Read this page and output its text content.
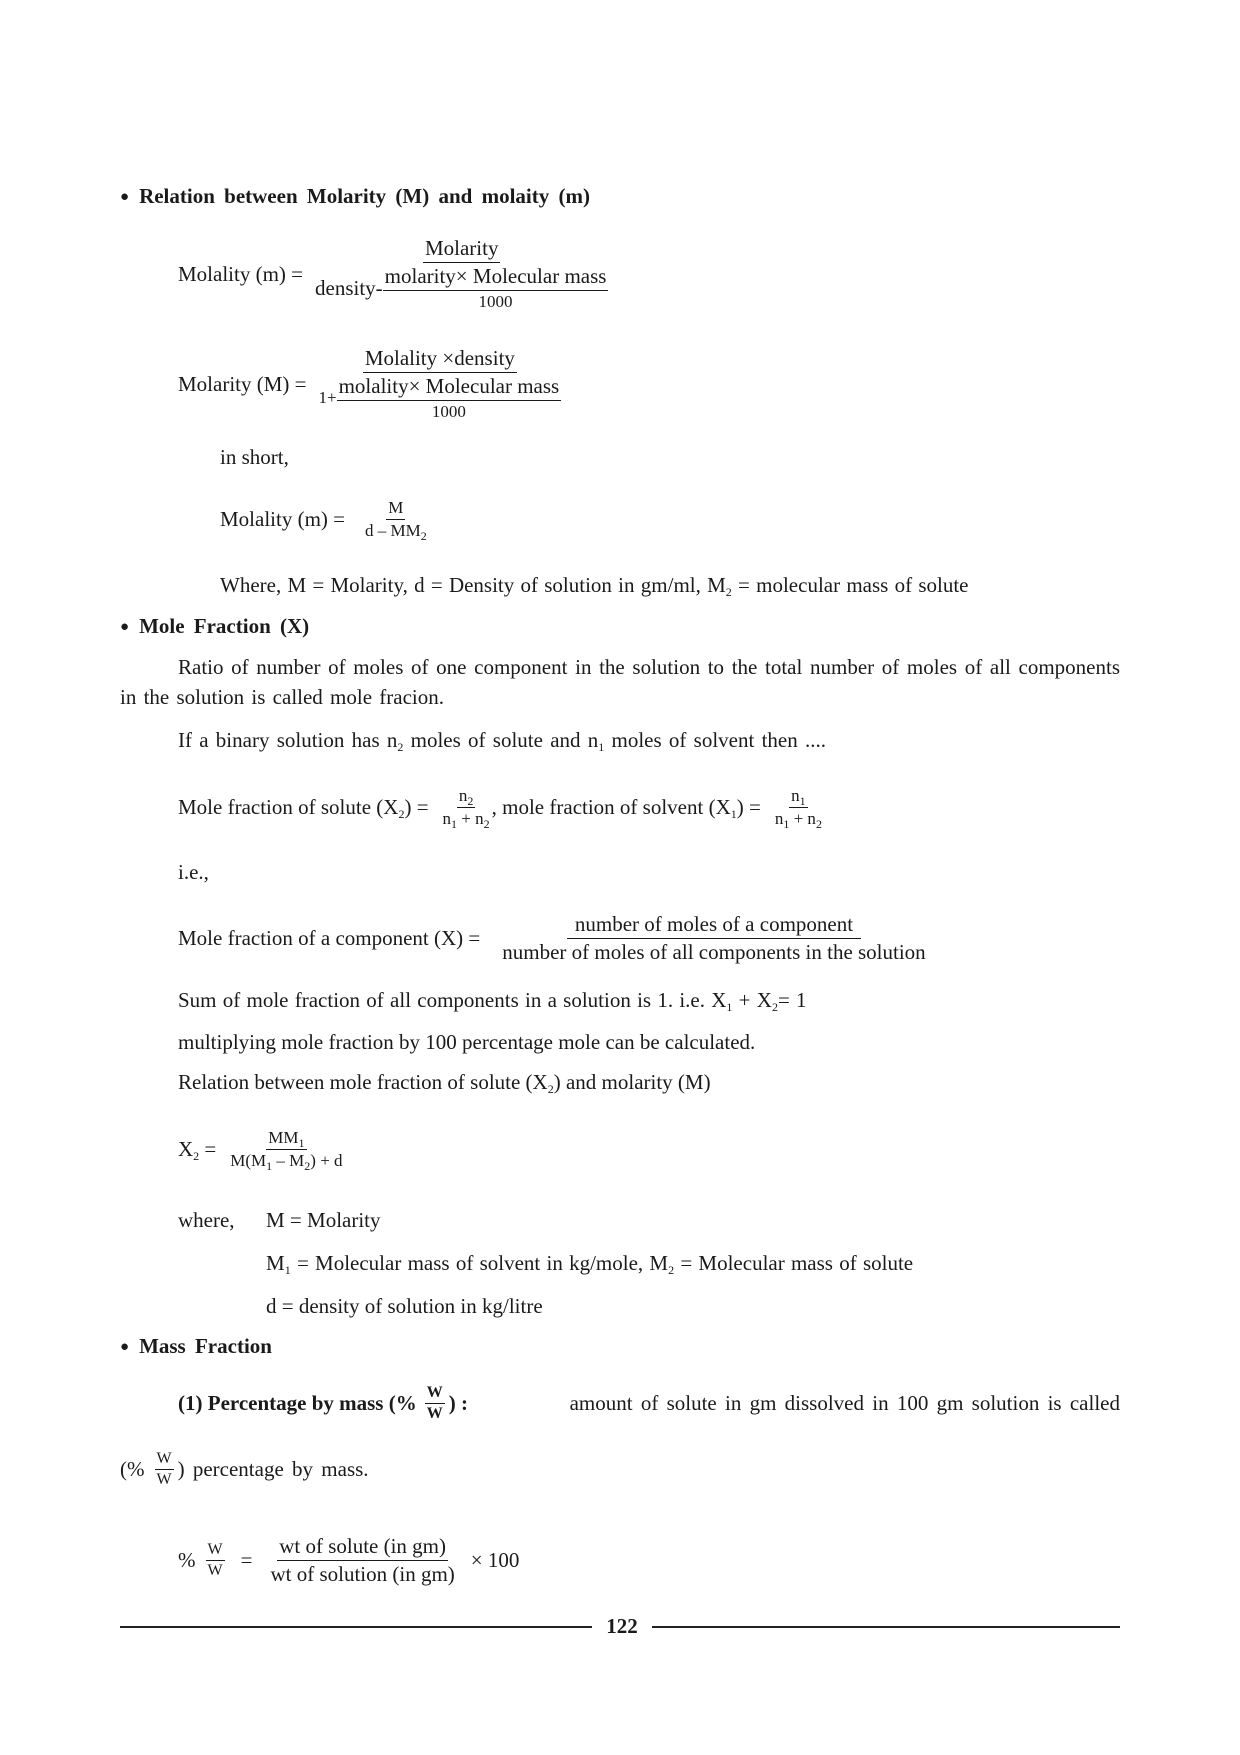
● Relation between Molarity (M) and molaity (m)
Molality (m) =
Molarity
density- $\frac{\text{molarity× Molecular mass}}{1000}$
Molarity $(M) = \frac{\text{Molality ×density}}{1+ \frac{\text{molality× Molecular mass}}{1000}}$
in short,
Molality $(m) = \frac{M}{d - MM_2}$
Where, M = Molarity, d = Density of solution in gm/ml, $M_2$ = molecular mass of solute
● Mole Fraction (X)
Ratio of number of moles of one component in the solution to the total number of moles of all components in the solution is called mole fracion.
If a binary solution has $n_2$ moles of solute and $n_1$ moles of solvent then ....
Mole fraction of solute $(X_2) = \frac{n_2}{n_1 + n_2}$ , mole fraction of solvent $(X_1) = \frac{n_1}{n_1 + n_2}$
i.e.,
Mole fraction of a component $(X) = \frac{\text{number of moles of a component}}{\text{number of moles of all components in the solution}}$
Sum of mole fraction of all components in a solution is 1. i.e. $X_1 + X_2= 1$
multiplying mole fraction by 100 percentage mole can be calculated.
Relation between mole fraction of solute $(X_2)$ and molarity (M)
$X_2 = \frac{MM_1}{M(M_1 - M_2) + d}$
where, M = Molarity
$M_1$ = Molecular mass of solvent in kg/mole, $M_2$ = Molecular mass of solute
d = density of solution in kg/litre
● Mass Fraction
(1) Percentage by mass (% $\frac{W}{W}$ ) :	amount of solute in gm dissolved in 100 gm solution is called
(% $\frac{W}{W}$ ) percentage by mass.
% $\frac{W}{W} = \frac{\text{wt of solute (in gm)}}{\text{wt of solution (in gm)}} \times 100$
122
